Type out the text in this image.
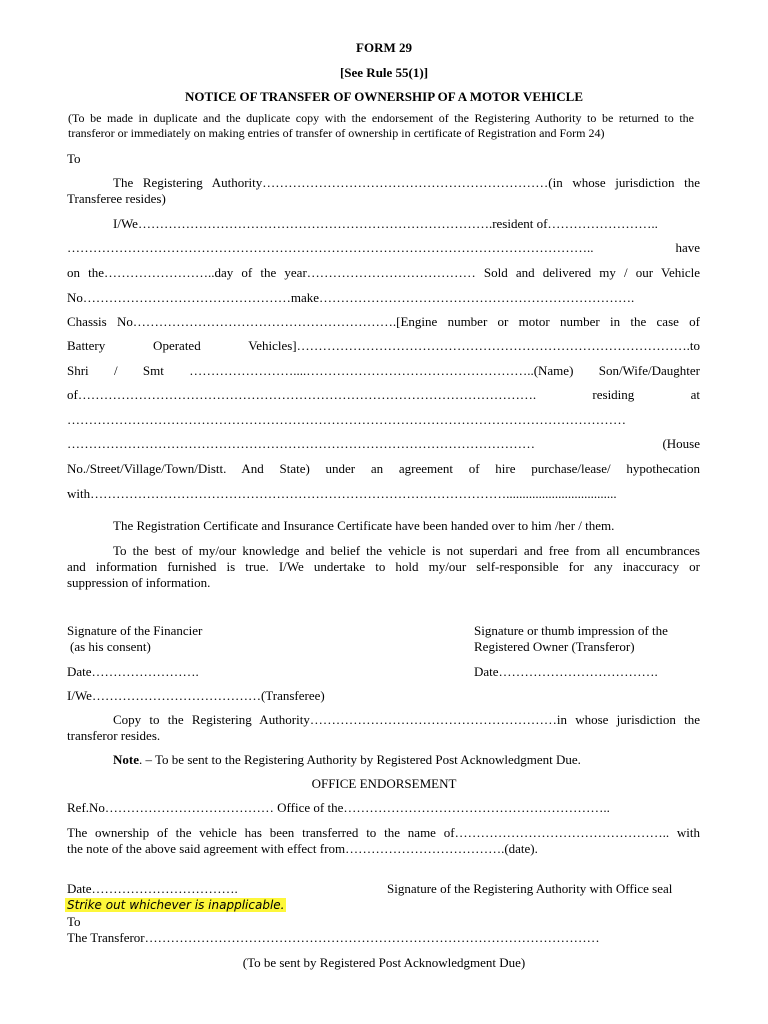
FORM 29
[See Rule 55(1)]
NOTICE OF TRANSFER OF OWNERSHIP OF A MOTOR VEHICLE
(To be made in duplicate and the duplicate copy with the endorsement of the Registering Authority to be returned to the
transferor or immediately on making entries of transfer of ownership in certificate of Registration and Form 24)
To
The Registering Authority…………………………………………………………(in whose jurisdiction the
Transferee resides)
I/We……………………………………………………………………….resident of……………………..
………………………………………………………………………………………………………….. have
on the……………………..day of the year………………………………… Sold and delivered my / our Vehicle
No…………………………………………make……………………………………………………………….
Chassis No…………………………………………………….[Engine number or motor number in the case of
Battery Operated Vehicles]……………………………………………………………………………….to
Shri / Smt ……………………....……………………………………………..(Name) Son/Wife/Daughter
of……………………………………………………………………………………………. residing at
…………………………………………………………………………………………………………………
……………………………………………………………………………………………… (House
No./Street/Village/Town/Distt. And State) under an agreement of hire purchase/lease/ hypothecation
with……………………………………………………………………………………..................................
The Registration Certificate and Insurance Certificate have been handed over to him /her / them.
To the best of my/our knowledge and belief the vehicle is not superdari and free from all encumbrances
and information furnished is true. I/We undertake to hold my/our self-responsible for any inaccuracy or
suppression of information.
Signature of the Financier
(as his consent)
Signature or thumb impression of the
Registered Owner (Transferor)
Date…………………….	Date……………………………….
I/We…………………………………(Transferee)
Copy to the Registering Authority…………………………………………………in whose jurisdiction the
transferor resides.
Note. – To be sent to the Registering Authority by Registered Post Acknowledgment Due.
OFFICE ENDORSEMENT
Ref.No………………………………… Office of the……………………………………………………..
The ownership of the vehicle has been transferred to the name of………………………………………….. with
the note of the above said agreement with effect from……………………………….(date).
Date…………………………….	Signature of the Registering Authority with Office seal
Strike out whichever is inapplicable.
To
The Transferor……………………………………………………………………………………………
(To be sent by Registered Post Acknowledgment Due)
